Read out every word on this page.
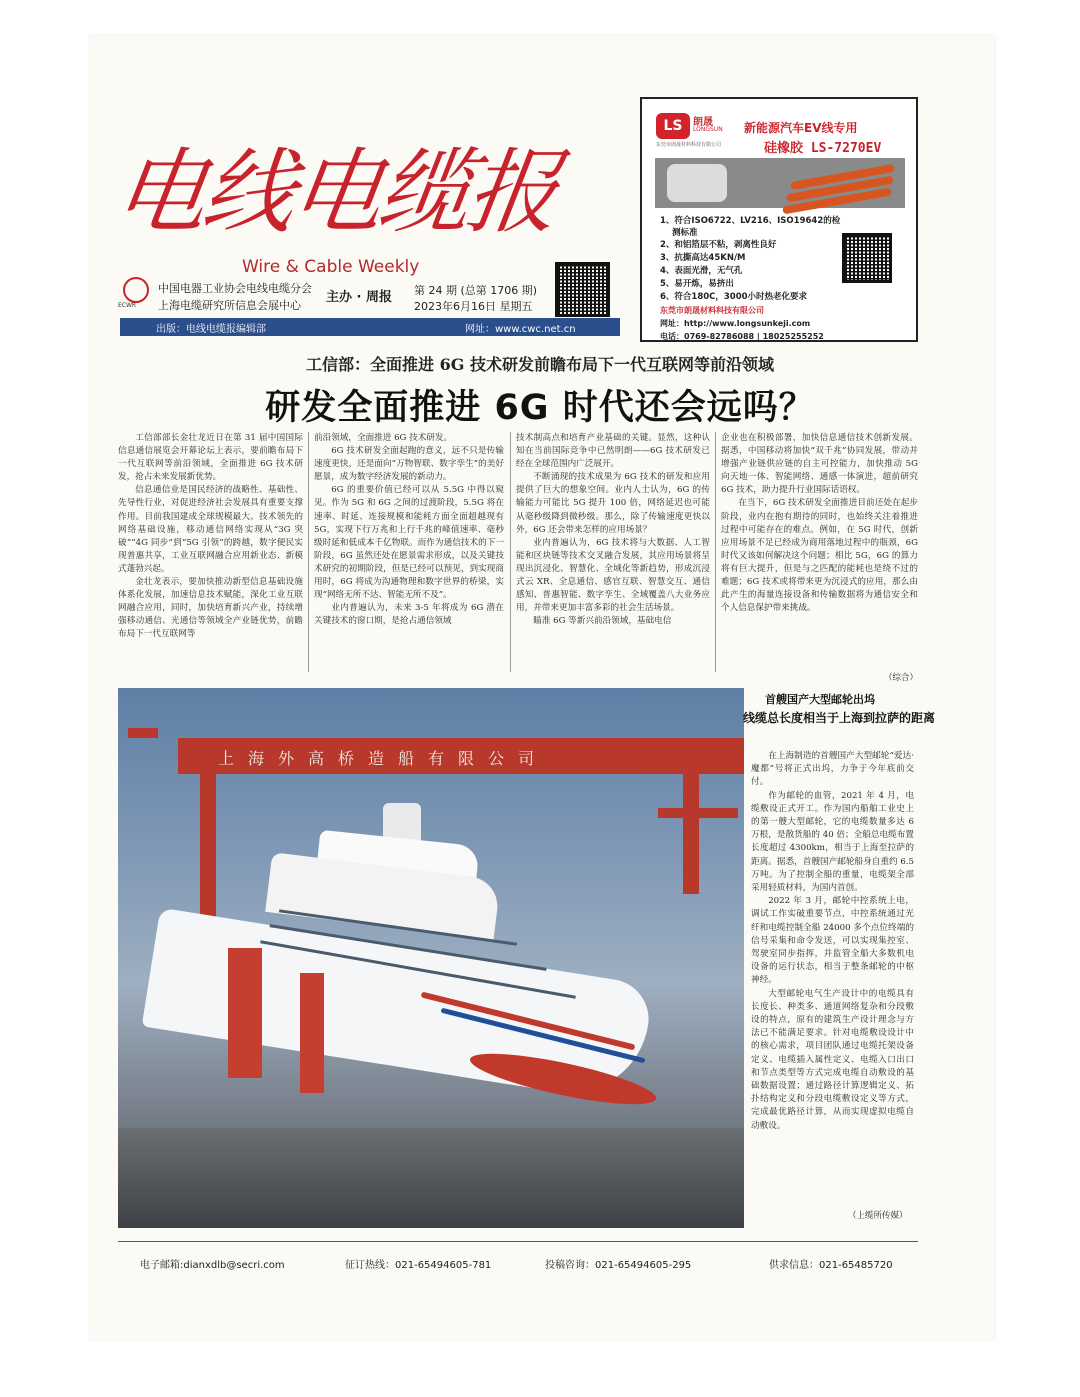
电线电缆报
Wire & Cable Weekly
ECWR
中国电器工业协会电线电缆分会
上海电缆研究所信息会展中心
主办 · 周报 第 24 期 (总第 1706 期)
2023年6月16日 星期五
出版：电线电缆报编辑部	网址：www.cwc.net.cn
LS	朗晟
LONGSUN
东莞市朗晟材料科技有限公司
新能源汽车EV线专用
硅橡胶 LS-7270EV
1、符合ISO6722、LV216、ISO19642的检
测标准
2、和铝箔层不粘，剥离性良好
3、抗撕高达45KN/M
4、表面光滑，无气孔
5、易开炼，易挤出
6、符合180C，3000小时热老化要求
东莞市朗晟材料科技有限公司
网址：http://www.longsunkeji.com
电话：0769-82786088 | 18025255252
工信部：全面推进 6G 技术研发前瞻布局下一代互联网等前沿领域
研发全面推进 6G 时代还会远吗？

工信部部长金壮龙近日在第 31 届中国国际信息通信展览会开幕论坛上表示，要前瞻布局下一代互联网等前沿领域，全面推进 6G 技术研发，抢占未来发展新优势。

信息通信业是国民经济的战略性、基础性、先导性行业，对促进经济社会发展具有重要支撑作用。目前我国建成全球规模最大、技术领先的网络基础设施，移动通信网络实现从“3G 突破”“4G 同步”到“5G 引领”的跨越，数字便民实现普惠共享，工业互联网融合应用新业态、新模式蓬勃兴起。

金壮龙表示，要加快推动新型信息基础设施体系化发展，加速信息技术赋能，深化工业互联网融合应用，同时，加快培育新兴产业，持续增强移动通信、光通信等领域全产业链优势，前瞻布局下一代互联网等

前沿领域，全面推进 6G 技术研发。

6G 技术研发全面起跑的意义，远不只是传输速度更快，还是面向“万物智联、数字孪生”的美好愿景，成为数字经济发展的新动力。

6G 的重要价值已经可以从 5.5G 中得以窥见。作为 5G 和 6G 之间的过渡阶段，5.5G 将在速率、时延、连接规模和能耗方面全面超越现有 5G，实现下行万兆和上行千兆的峰值速率、毫秒级时延和低成本千亿物联。而作为通信技术的下一阶段，6G 虽然还处在愿景需求形成，以及关键技术研究的初期阶段，但是已经可以预见，到实现商用时，6G 将成为沟通物理和数字世界的桥梁，实现“网络无所不达、智能无所不及”。

业内普遍认为，未来 3-5 年将成为 6G 潜在关键技术的窗口期，是抢占通信领域

技术制高点和培育产业基础的关键。显然，这种认知在当前国际竞争中已然明朗——6G 技术研发已经在全球范围内广泛展开。

不断涌现的技术成果为 6G 技术的研发和应用提供了巨大的想象空间。业内人士认为，6G 的传输能力可能比 5G 提升 100 倍，网络延迟也可能从毫秒级降到微秒级。那么，除了传输速度更快以外，6G 还会带来怎样的应用场景？

业内普遍认为，6G 技术将与大数据、人工智能和区块链等技术交叉融合发展，其应用场景将呈现出沉浸化、智慧化、全域化等新趋势，形成沉浸式云 XR、全息通信、感官互联、智慧交互、通信感知、普惠智能、数字孪生、全域覆盖八大业务应用，并带来更加丰富多彩的社会生活场景。

瞄准 6G 等新兴前沿领域，基础电信

企业也在积极部署，加快信息通信技术创新发展。据悉，中国移动将加快“双千兆”协同发展，带动并增强产业链供应链的自主可控能力，加快推动 5G 向天地一体、智能网络、通感一体演进，超前研究 6G 技术，助力提升行业国际话语权。

在当下，6G 技术研发全面推进目前还处在起步阶段，业内在抱有期待的同时，也始终关注着推进过程中可能存在的难点。例如，在 5G 时代，创新应用场景不足已经成为商用落地过程中的瓶颈，6G 时代又该如何解决这个问题；相比 5G，6G 的算力将有巨大提升，但是与之匹配的能耗也是绕不过的难题；6G 技术或将带来更为沉浸式的应用，那么由此产生的海量连接设备和传输数据将为通信安全和个人信息保护带来挑战。

（综合）
上海外高桥造船有限公司
首艘国产大型邮轮出坞
线缆总长度相当于上海到拉萨的距离

在上海制造的首艘国产大型邮轮“爱达·魔都”号将正式出坞，力争于今年底前交付。

作为邮轮的血管，2021 年 4 月，电缆敷设正式开工。作为国内船舶工业史上的第一艘大型邮轮，它的电缆数量多达 6 万根，是散货船的 40 倍；全船总电缆布置长度超过 4300km，相当于上海至拉萨的距离。据悉，首艘国产邮轮船身自重约 6.5 万吨。为了控制全船的重量，电缆架全部采用轻质材料，为国内首创。

2022 年 3 月，邮轮中控系统上电，调试工作实破重要节点，中控系统通过光纤和电缆控制全船 24000 多个点位终端的信号采集和命令发送，可以实现集控室、驾驶室同步指挥，并监管全船大多数机电设备的运行状态，相当于整条邮轮的中枢神经。

大型邮轮电气生产设计中的电缆具有长度长、种类多、通道网络复杂和分段敷设的特点，原有的建筑生产设计理念与方法已不能满足要求。针对电缆敷设设计中的核心需求，项目团队通过电缆托架设备定义、电缆插入属性定义、电缆入口出口和节点类型等方式完成电缆自动敷设的基础数据设置；通过路径计算逻辑定义、拓扑结构定义和分段电缆敷设定义等方式，完成最优路径计算，从而实现虚拟电缆自动敷设。

（上缆所传媒）
电子邮箱:dianxdlb@secri.com	征订热线：021-65494605-781	投稿咨询：021-65494605-295	供求信息：021-65485720
